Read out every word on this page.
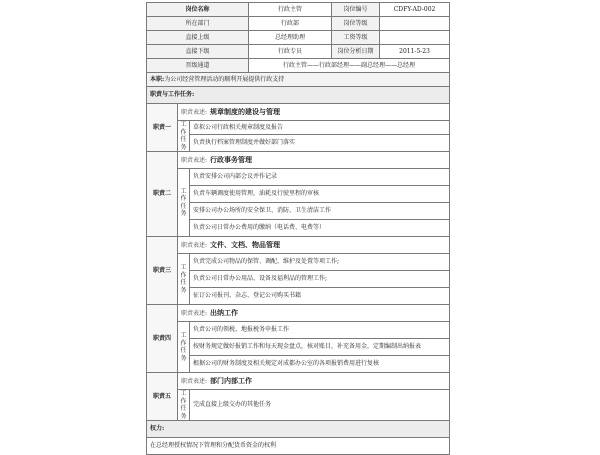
岗位名称			行政主管	岗位编号	CDFY-AD-002
所在部门			行政部	岗位等级	
直接上级			总经理助理	工资等级	
直接下级			行政专员	岗位分析日期	2011-5-23
晋级通道			行政主管——行政部经理——副总经理——总经理		
本职:为公司经营管理活动的顺利开展提供行政支持					
职责与工作任务:					
职责一	职责表述: 规章制度的建设与管理				
	工作任务	草拟公司行政相关规章制度及报告			
		负责执行档案管理制度并做好部门落实			
职责二	职责表述: 行政事务管理				
	工作任务	负责安排公司内部会议并作记录			
		负责车辆调度使用管理，油耗及行驶里程的审核			
		安排公司办公场所的安全保卫、消防、卫生清洁工作			
		负责公司日常办公费用的缴纳（电话费、电费等）			
职责三	职责表述: 文件、文档、物品管理				
	工作任务	负责完成公司物品的保管、调配、维护及处置等项工作;			
		负责公司日常办公用品、设备及福利品的管理工作;			
		征订公司报刊、杂志、登记公司购买书籍			
职责四	职责表述: 出纳工作				
	工作任务	负责公司的领税、地报税务申报工作			
		按财务规定做好报销工作和每天现金盘点，核对账目，补充备用金，定期编制出纳报表			
		根据公司的财务制度及相关规定对成都办公室的各项报销费用进行复核			
职责五	职责表述: 部门内部工作				
	工作任务	完成直接上级交办的其他任务			
权力:					
在总经理授权情况下管理和分配货币资金的权利					
